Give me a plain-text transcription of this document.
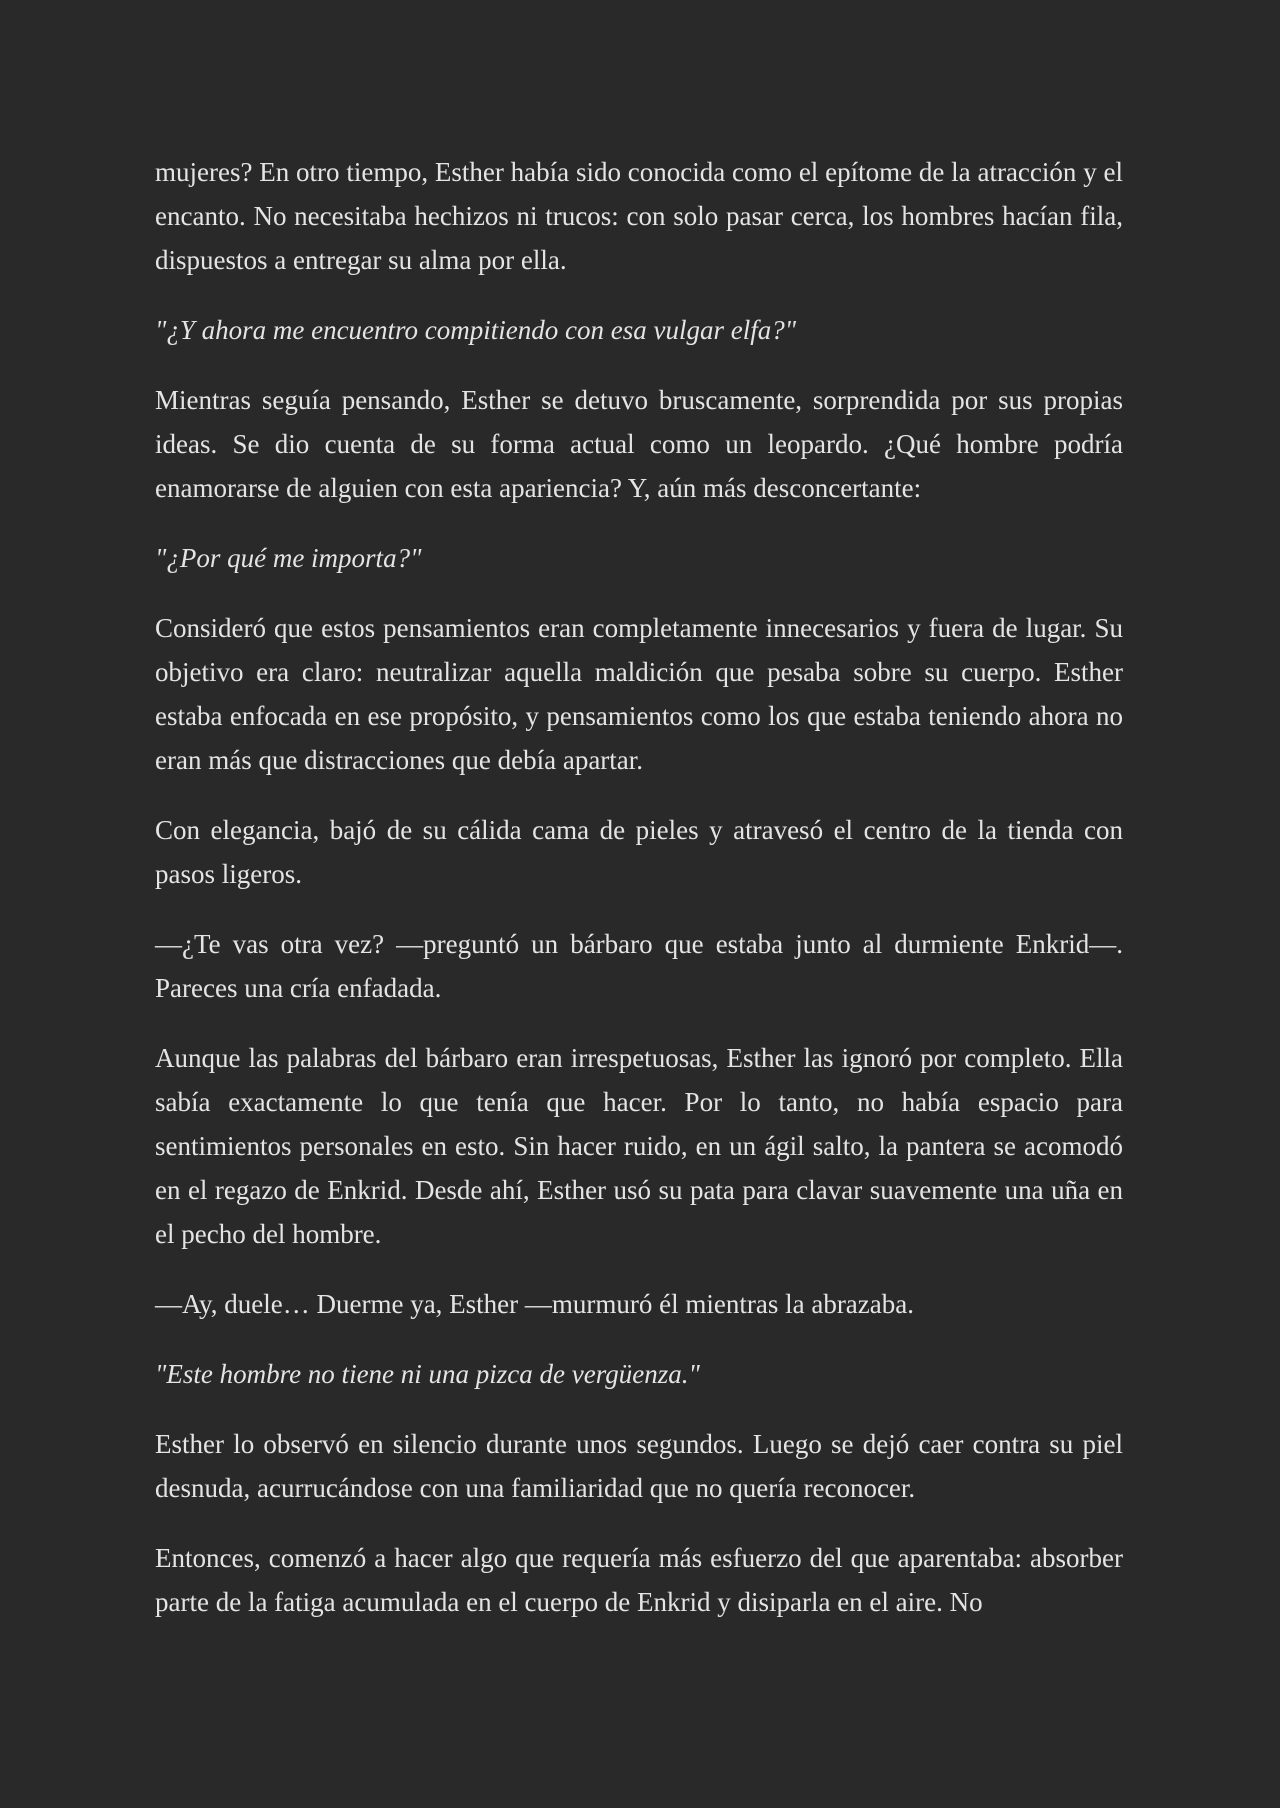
mujeres? En otro tiempo, Esther había sido conocida como el epítome de la atracción y el encanto. No necesitaba hechizos ni trucos: con solo pasar cerca, los hombres hacían fila, dispuestos a entregar su alma por ella.

"¿Y ahora me encuentro compitiendo con esa vulgar elfa?"

Mientras seguía pensando, Esther se detuvo bruscamente, sorprendida por sus propias ideas. Se dio cuenta de su forma actual como un leopardo. ¿Qué hombre podría enamorarse de alguien con esta apariencia? Y, aún más desconcertante:

"¿Por qué me importa?"

Consideró que estos pensamientos eran completamente innecesarios y fuera de lugar. Su objetivo era claro: neutralizar aquella maldición que pesaba sobre su cuerpo. Esther estaba enfocada en ese propósito, y pensamientos como los que estaba teniendo ahora no eran más que distracciones que debía apartar.

Con elegancia, bajó de su cálida cama de pieles y atravesó el centro de la tienda con pasos ligeros.

—¿Te vas otra vez? —preguntó un bárbaro que estaba junto al durmiente Enkrid—. Pareces una cría enfadada.

Aunque las palabras del bárbaro eran irrespetuosas, Esther las ignoró por completo. Ella sabía exactamente lo que tenía que hacer. Por lo tanto, no había espacio para sentimientos personales en esto. Sin hacer ruido, en un ágil salto, la pantera se acomodó en el regazo de Enkrid. Desde ahí, Esther usó su pata para clavar suavemente una uña en el pecho del hombre.

—Ay, duele… Duerme ya, Esther —murmuró él mientras la abrazaba.

"Este hombre no tiene ni una pizca de vergüenza."

Esther lo observó en silencio durante unos segundos. Luego se dejó caer contra su piel desnuda, acurrucándose con una familiaridad que no quería reconocer.

Entonces, comenzó a hacer algo que requería más esfuerzo del que aparentaba: absorber parte de la fatiga acumulada en el cuerpo de Enkrid y disiparla en el aire. No
